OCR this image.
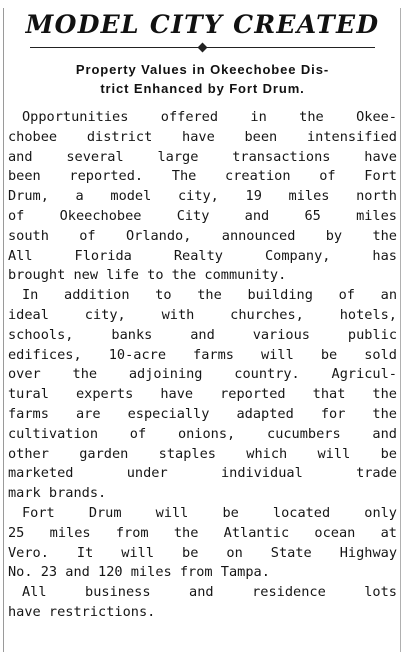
MODEL CITY CREATED
Property Values in Okeechobee Dis-
trict Enhanced by Fort Drum.
Opportunities offered in the Okee-
chobee district have been intensified
and several large transactions have
been reported. The creation of Fort
Drum, a model city, 19 miles north
of Okeechobee City and 65 miles
south of Orlando, announced by the
All Florida Realty Company, has
brought new life to the community.
In addition to the building of an
ideal city, with churches, hotels,
schools, banks and various public
edifices, 10-acre farms will be sold
over the adjoining country. Agricul-
tural experts have reported that the
farms are especially adapted for the
cultivation of onions, cucumbers and
other garden staples which will be
marketed under individual trade
mark brands.
Fort Drum will be located only
25 miles from the Atlantic ocean at
Vero. It will be on State Highway
No. 23 and 120 miles from Tampa.
All business and residence lots
have restrictions.
